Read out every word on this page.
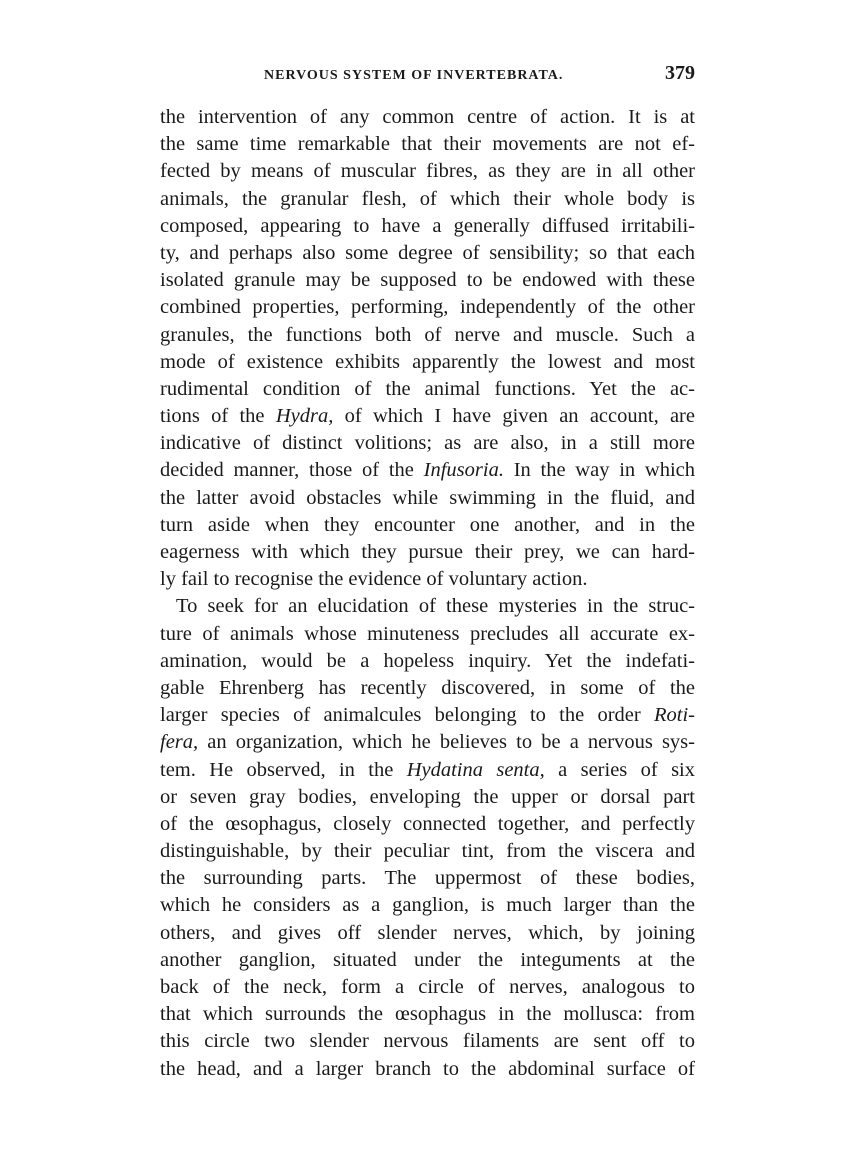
NERVOUS SYSTEM OF INVERTEBRATA.	379
the intervention of any common centre of action. It is at
the same time remarkable that their movements are not ef-
fected by means of muscular fibres, as they are in all other
animals, the granular flesh, of which their whole body is
composed, appearing to have a generally diffused irritabili-
ty, and perhaps also some degree of sensibility; so that each
isolated granule may be supposed to be endowed with these
combined properties, performing, independently of the other
granules, the functions both of nerve and muscle. Such a
mode of existence exhibits apparently the lowest and most
rudimental condition of the animal functions. Yet the ac-
tions of the Hydra, of which I have given an account, are
indicative of distinct volitions; as are also, in a still more
decided manner, those of the Infusoria. In the way in which
the latter avoid obstacles while swimming in the fluid, and
turn aside when they encounter one another, and in the
eagerness with which they pursue their prey, we can hard-
ly fail to recognise the evidence of voluntary action.
To seek for an elucidation of these mysteries in the struc-
ture of animals whose minuteness precludes all accurate ex-
amination, would be a hopeless inquiry. Yet the indefati-
gable Ehrenberg has recently discovered, in some of the
larger species of animalcules belonging to the order Roti-
fera, an organization, which he believes to be a nervous sys-
tem. He observed, in the Hydatina senta, a series of six
or seven gray bodies, enveloping the upper or dorsal part
of the œsophagus, closely connected together, and perfectly
distinguishable, by their peculiar tint, from the viscera and
the surrounding parts. The uppermost of these bodies,
which he considers as a ganglion, is much larger than the
others, and gives off slender nerves, which, by joining
another ganglion, situated under the integuments at the
back of the neck, form a circle of nerves, analogous to
that which surrounds the œsophagus in the mollusca: from
this circle two slender nervous filaments are sent off to
the head, and a larger branch to the abdominal surface of
